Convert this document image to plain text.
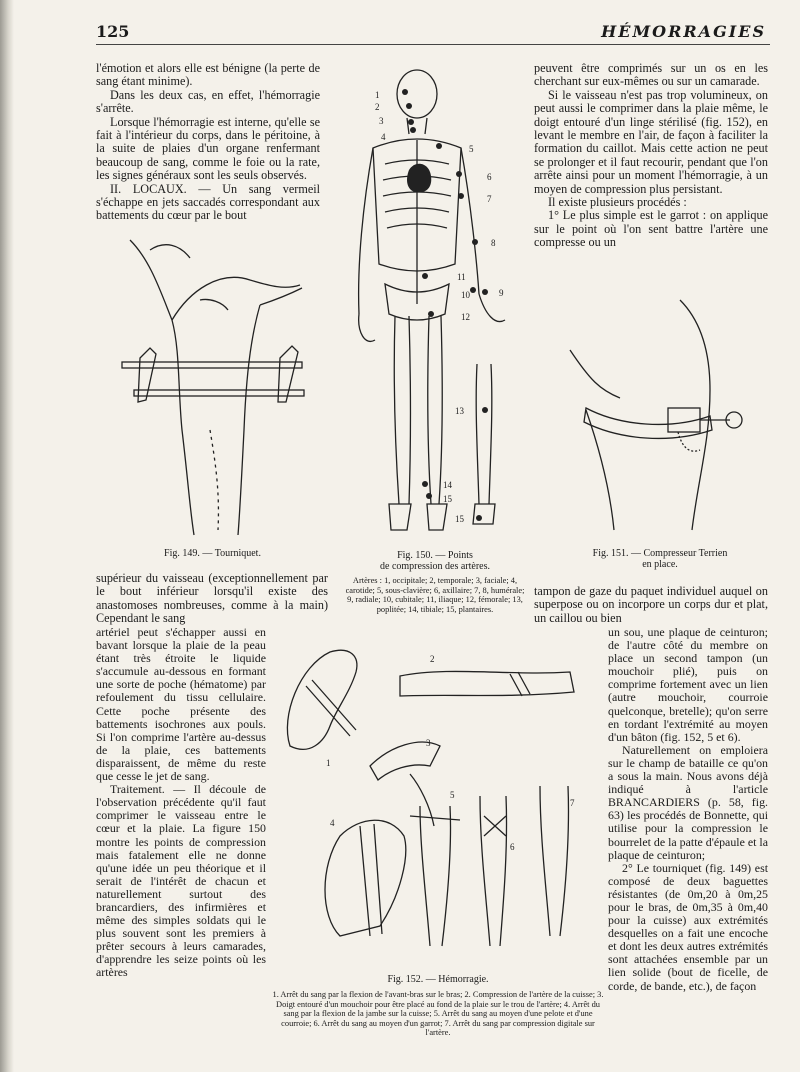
125	HÉMORRAGIES

l'émotion et alors elle est bénigne (la perte de sang étant minime).

Dans les deux cas, en effet, l'hémorragie s'arrête.

Lorsque l'hémorragie est interne, qu'elle se fait à l'intérieur du corps, dans le péritoine, à la suite de plaies d'un organe renfermant beaucoup de sang, comme le foie ou la rate, les signes généraux sont les seuls observés.

II. LOCAUX. — Un sang vermeil s'échappe en jets saccadés correspondant aux battements du cœur par le bout

peuvent être comprimés sur un os en les cherchant sur eux-mêmes ou sur un camarade.

Si le vaisseau n'est pas trop volumineux, on peut aussi le comprimer dans la plaie même, le doigt entouré d'un linge stérilisé (fig. 152), en levant le membre en l'air, de façon à faciliter la formation du caillot. Mais cette action ne peut se prolonger et il faut recourir, pendant que l'on arrête ainsi pour un moment l'hémorragie, à un moyen de compression plus persistant.

Il existe plusieurs procédés :

1° Le plus simple est le garrot : on applique sur le point où l'on sent battre l'artère une compresse ou un

Fig. 149. — Tourniquet.
1
2
3
4
5
6
7
8
9
10
11
12
13
14
15
15
Fig. 150. — Points
de compression des artères.
Artères : 1, occipitale; 2, temporale; 3, faciale; 4, carotide; 5, sous-clavière; 6, axillaire; 7, 8, humérale; 9, radiale; 10, cubitale; 11, iliaque; 12, fémorale; 13, poplitée; 14, tibiale; 15, plantaires.
Fig. 151. — Compresseur Terrien
en place.

supérieur du vaisseau (exceptionnellement par le bout inférieur lorsqu'il existe des anastomoses nombreuses, comme à la main) Cependant le sang

tampon de gaze du paquet individuel auquel on superpose ou on incorpore un corps dur et plat, un caillou ou bien

artériel peut s'échapper aussi en bavant lorsque la plaie de la peau étant très étroite le liquide s'accumule au-dessous en formant une sorte de poche (hématome) par refoulement du tissu cellulaire. Cette poche présente des battements isochrones aux pouls. Si l'on comprime l'artère au-dessus de la plaie, ces battements disparaissent, de même du reste que cesse le jet de sang.

Traitement. — Il découle de l'observation précédente qu'il faut comprimer le vaisseau entre le cœur et la plaie. La figure 150 montre les points de compression mais fatalement elle ne donne qu'une idée un peu théorique et il serait de l'intérêt de chacun et naturellement surtout des brancardiers, des infirmières et même des simples soldats qui le plus souvent sont les premiers à prêter secours à leurs camarades, d'apprendre les seize points où les artères

un sou, une plaque de ceinturon; de l'autre côté du membre on place un second tampon (un mouchoir plié), puis on comprime fortement avec un lien (autre mouchoir, courroie quelconque, bretelle); qu'on serre en tordant l'extrémité au moyen d'un bâton (fig. 152, 5 et 6).

Naturellement on emploiera sur le champ de bataille ce qu'on a sous la main. Nous avons déjà indiqué à l'article BRANCARDIERS (p. 58, fig. 63) les procédés de Bonnette, qui utilise pour la compression le bourrelet de la patte d'épaule et la plaque de ceinturon;

2° Le tourniquet (fig. 149) est composé de deux baguettes résistantes (de 0m,20 à 0m,25 pour le bras, de 0m,35 à 0m,40 pour la cuisse) aux extrémités desquelles on a fait une encoche et dont les deux autres extrémités sont attachées ensemble par un lien solide (bout de ficelle, de corde, de bande, etc.), de façon

1
2
3
4
5
6
7
Fig. 152. — Hémorragie.
1. Arrêt du sang par la flexion de l'avant-bras sur le bras; 2. Compression de l'artère de la cuisse; 3. Doigt entouré d'un mouchoir pour être placé au fond de la plaie sur le trou de l'artère; 4. Arrêt du sang par la flexion de la jambe sur la cuisse; 5. Arrêt du sang au moyen d'une pelote et d'une courroie; 6. Arrêt du sang au moyen d'un garrot; 7. Arrêt du sang par compression digitale sur l'artère.
